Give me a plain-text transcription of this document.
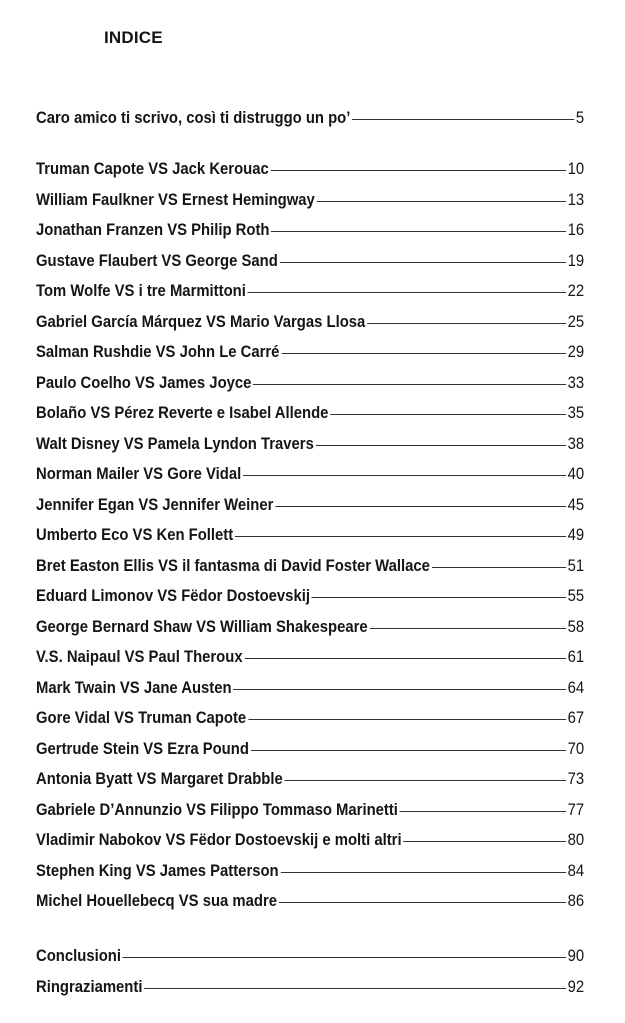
INDICE
Caro amico ti scrivo, così ti distruggo un po’	5
Truman Capote VS Jack Kerouac	10
William Faulkner VS Ernest Hemingway	13
Jonathan Franzen VS Philip Roth	16
Gustave Flaubert VS George Sand	19
Tom Wolfe VS i tre Marmittoni	22
Gabriel García Márquez VS Mario Vargas Llosa	25
Salman Rushdie VS John Le Carré	29
Paulo Coelho VS James Joyce	33
Bolaño VS Pérez Reverte e Isabel Allende	35
Walt Disney VS Pamela Lyndon Travers	38
Norman Mailer VS Gore Vidal	40
Jennifer Egan VS Jennifer Weiner	45
Umberto Eco VS Ken Follett	49
Bret Easton Ellis VS il fantasma di David Foster Wallace	51
Eduard Limonov VS Fëdor Dostoevskij	55
George Bernard Shaw VS William Shakespeare	58
V.S. Naipaul VS Paul Theroux	61
Mark Twain VS Jane Austen	64
Gore Vidal VS Truman Capote	67
Gertrude Stein VS Ezra Pound	70
Antonia Byatt VS Margaret Drabble	73
Gabriele D’Annunzio VS Filippo Tommaso Marinetti	77
Vladimir Nabokov VS Fëdor Dostoevskij e molti altri	80
Stephen King VS James Patterson	84
Michel Houellebecq VS sua madre	86
Conclusioni	90
Ringraziamenti	92
